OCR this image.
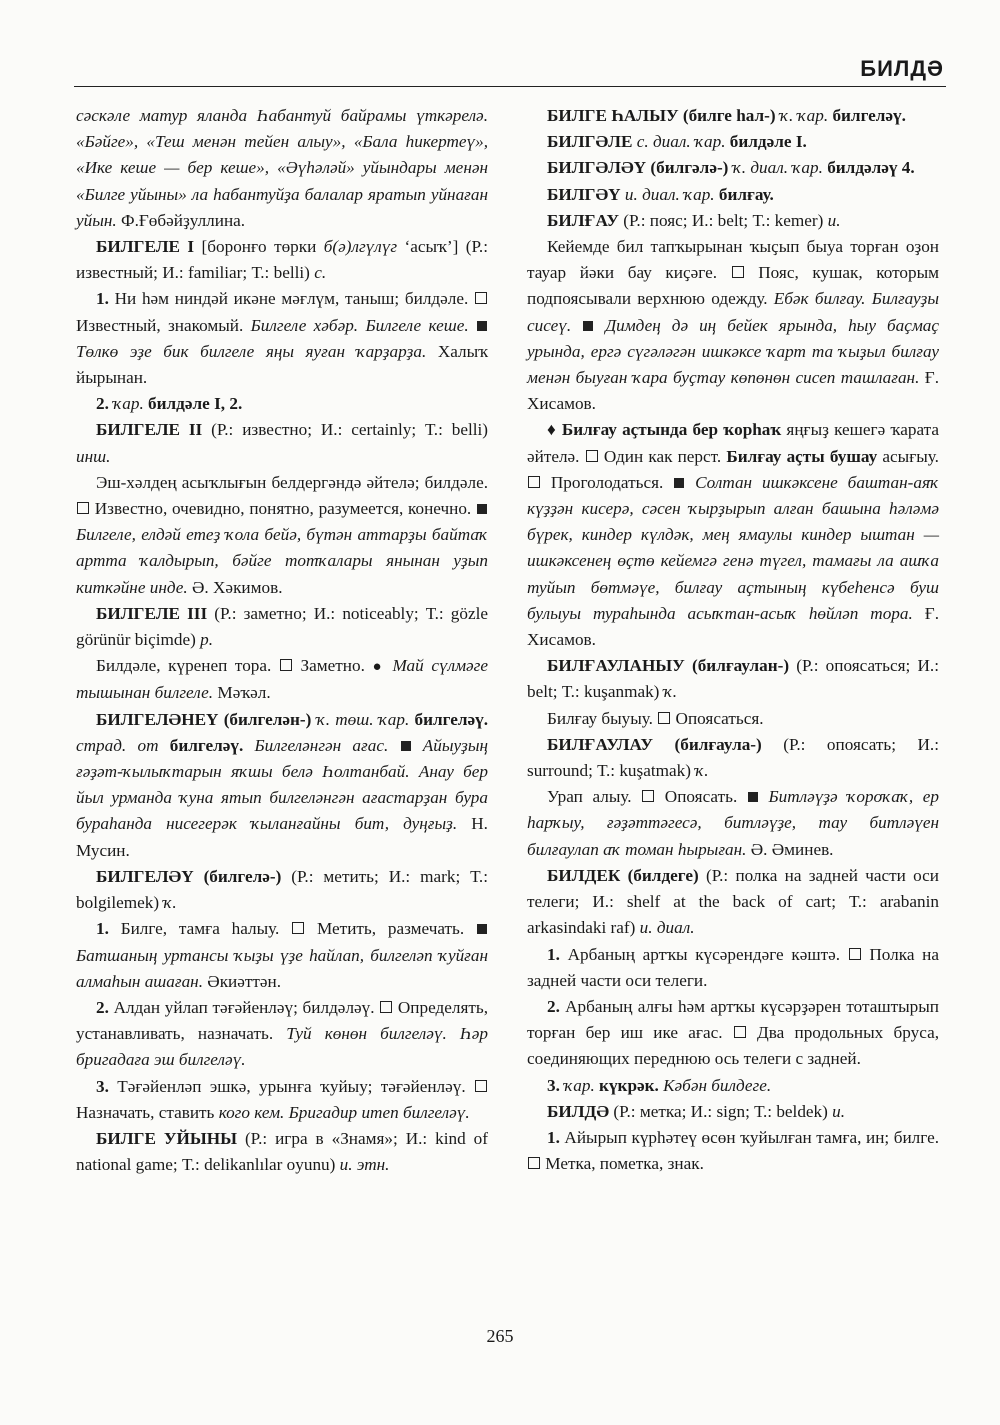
БИЛДӘ

сәскәле матур яланда Һабантуй байрамы үткәрелә. «Бәйге», «Теш менән тейен алыу», «Бала һикертеү», «Ике кеше — бер кеше», «Әүһәләй» уйындары менән «Билге уйыны» ла һабантуйҙа балалар яратып уйнаған уйын. Ф.Ғөбәйҙуллина.

БИЛГЕЛЕ I [боронғо төрки б(ә)лгүлүг ‘асыҡ’] (Р.: известный; И.: familiar; Т.: belli) с.

1. Ни һәм ниндәй икәне мәғлүм, таныш; билдәле.  Известный, знакомый. Билгеле хәбәр. Билгеле кеше.  Төлкө эҙе бик билгеле яңы яуған ҡарҙарҙа. Халыҡ йырынан.

2. ҡар. билдәле I, 2.

БИЛГЕЛЕ II (Р.: известно; И.: certainly; Т.: belli) инш.

Эш-хәлдең асыҡлығын белдергәндә әйтелә; билдәле.  Известно, очевидно, понятно, разумеется, конечно.  Билгеле, елдәй етеҙ ҡола бейә, бүтән аттарҙы байтаҡ артта ҡалдырып, бәйге тотҡалары янынан уҙып киткәйне инде. Ә. Хәкимов.

БИЛГЕЛЕ III (Р.: заметно; И.: noticeably; Т.: gözle görünür biçimde) р.

Билдәле, күренеп тора.  Заметно. ● Май сүлмәге тышынан билгеле. Мәҡәл.

БИЛГЕЛӘНЕҮ (билгелән-) ҡ. төш. ҡар. билгеләү. страд. от билгеләү. Билгеләнгән ағас. Айыуҙың ғәҙәт-ҡылыҡтарын яҡшы белә Һолтанбай. Анау бер йыл урманда ҡуна ятып билгеләнгән ағастарҙан бура бураһанда нисегерәк ҡыланғайны бит, дуңғыҙ. Н. Мусин.

БИЛГЕЛӘҮ (билгелә-) (Р.: метить; И.: mark; Т.: bolgilemek) ҡ.

1. Билге, тамға һалыу.  Метить, размечать.  Батшаның уртансы ҡыҙы үҙе һайлап, билгеләп ҡуйған алмаһын ашаған. Әкиәттән.

2. Алдан уйлап тәғәйенләү; билдәләү.  Определять, устанавливать, назначать. Туй көнөн билгеләү. Һәр бригадаға эш билгеләү.

3. Тәғәйенләп эшкә, урынға ҡуйыу; тәғәйенләү.  Назначать, ставить кого кем. Бригадир итеп билгеләү.

БИЛГЕ УЙЫНЫ (Р.: игра в «Знамя»; И.: kind of national game; Т.: delikanlılar oyunu) и. этн.

БИЛГЕ ҺАЛЫУ (билге һал-) ҡ. ҡар. билгеләү.

БИЛГӘЛЕ с. диал. ҡар. билдәле I.

БИЛГӘЛӘҮ (билгәлә-) ҡ. диал. ҡар. билдәләү 4.

БИЛГӘҮ и. диал. ҡар. билғау.

БИЛҒАУ (Р.: пояс; И.: belt; Т.: kemer) и.

Кейемде бил тапҡырынан ҡыҫып быуа торған оҙон тауар йәки бау киҫәге.  Пояс, кушак, которым подпоясывали верхнюю одежду. Ебәк билғау. Билғауҙы сисеү. Димдең дә иң бейек ярында, һыу баҫмаҫ урында, ергә сүгәләгән ишкәксе ҡарт та ҡыҙыл билғау менән быуған ҡара буҫтау көпөнөн сисеп ташлаған. Ғ. Хисамов.

♦ Билғау аҫтында бер ҡорһаҡ яңғыҙ кешегә ҡарата әйтелә.  Один как перст. Билғау аҫты бушау асығыу.  Проголодаться.  Солтан ишкәксене баштан-аяҡ күҙҙән кисерә, сәсен ҡырҙырып алған башына һәләмә бүрек, киндер күлдәк, мең ямаулы киндер ыштан — ишкәксенең өҫтө кейемгә генә түгел, тамағы ла ашҡа туйып бөтмәүе, билғау аҫтының күбеһенсә буш булыуы тураһында асыҡтан-асыҡ һөйләп тора. Ғ. Хисамов.

БИЛҒАУЛАНЫУ (билғаулан-) (Р.: опоясаться; И.: belt; Т.: kuşanmak) ҡ.

Билғау быуыу.  Опоясаться.

БИЛҒАУЛАУ (билғаула-) (Р.: опоясать; И.: surround; Т.: kuşatmak) ҡ.

Урап алыу.  Опоясать.  Битләүҙә ҡороҡаҡ, ер һарҡыу, ғәҙәттәгесә, битләүҙе, тау битләүен билғаулап аҡ томан һырыған. Ә. Әминев.

БИЛДЕК (билдеге) (Р.: полка на задней части оси телеги; И.: shelf at the back of cart; Т.: arabanin arkasindaki raf) и. диал.

1. Арбаның артҡы күсәрендәге кәштә.  Полка на задней части оси телеги.

2. Арбаның алғы һәм артҡы күсәрҙәрен тоташтырып торған бер иш ике ағас.  Два продольных бруса, соединяющих переднюю ось телеги с задней.

3. ҡар. күкрәк. Кәбән билдеге.

БИЛДӘ (Р.: метка; И.: sign; Т.: beldek) и.

1. Айырып күрһәтеү өсөн ҡуйылған тамға, ин; билге.  Метка, пометка, знак.

265
